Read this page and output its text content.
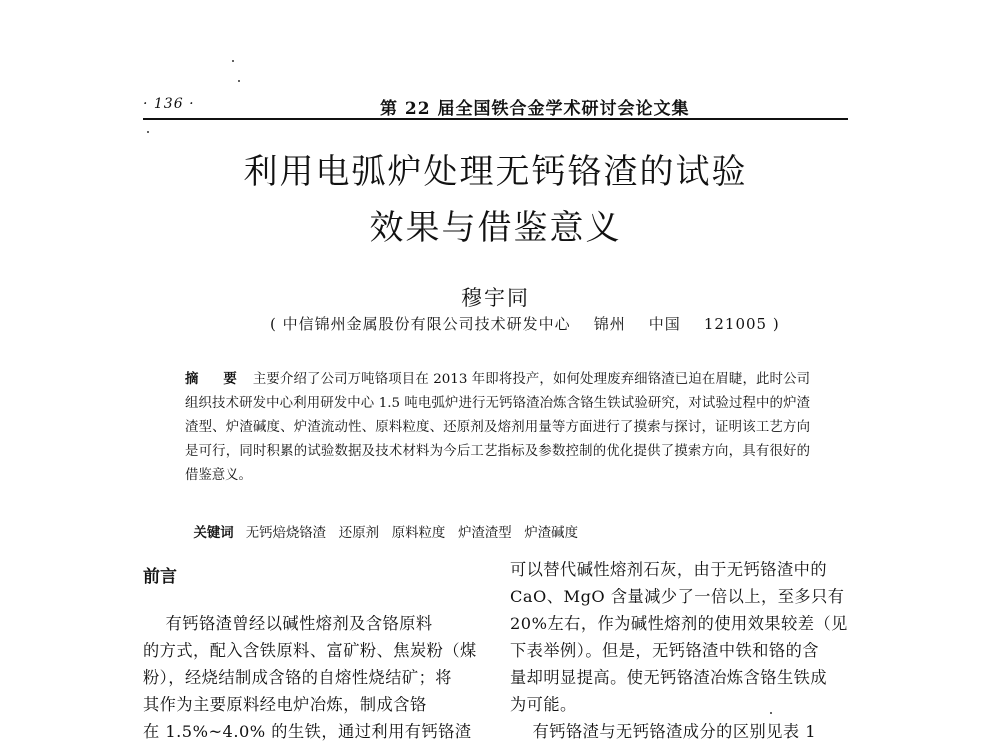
· 136 ·	第 22 届全国铁合金学术研讨会论文集
利用电弧炉处理无钙铬渣的试验
效果与借鉴意义
穆宇同
( 中信锦州金属股份有限公司技术研发中心    锦州    中国    121005 )
摘 要 主要介绍了公司万吨铬项目在 2013 年即将投产，如何处理废弃细铬渣已迫在眉睫，此时公司组织技术研发中心利用研发中心 1.5 吨电弧炉进行无钙铬渣冶炼含铬生铁试验研究，对试验过程中的炉渣渣型、炉渣碱度、炉渣流动性、原料粒度、还原剂及熔剂用量等方面进行了摸索与探讨，证明该工艺方向是可行，同时积累的试验数据及技术材料为今后工艺指标及参数控制的优化提供了摸索方向，具有很好的借鉴意义。

关键词 无钙焙烧铬渣   还原剂   原料粒度   炉渣渣型   炉渣碱度

前言
有钙铬渣曾经以碱性熔剂及含铬原料
的方式，配入含铁原料、富矿粉、焦炭粉（煤
粉），经烧结制成含铬的自熔性烧结矿；将
其作为主要原料经电炉冶炼，制成含铬
在 1.5%~4.0% 的生铁，通过利用有钙铬渣
可以替代碱性熔剂石灰，由于无钙铬渣中的
CaO、MgO 含量减少了一倍以上，至多只有
20%左右，作为碱性熔剂的使用效果较差（见
下表举例）。但是，无钙铬渣中铁和铬的含
量却明显提高。使无钙铬渣冶炼含铬生铁成
为可能。
有钙铬渣与无钙铬渣成分的区别见表 1
